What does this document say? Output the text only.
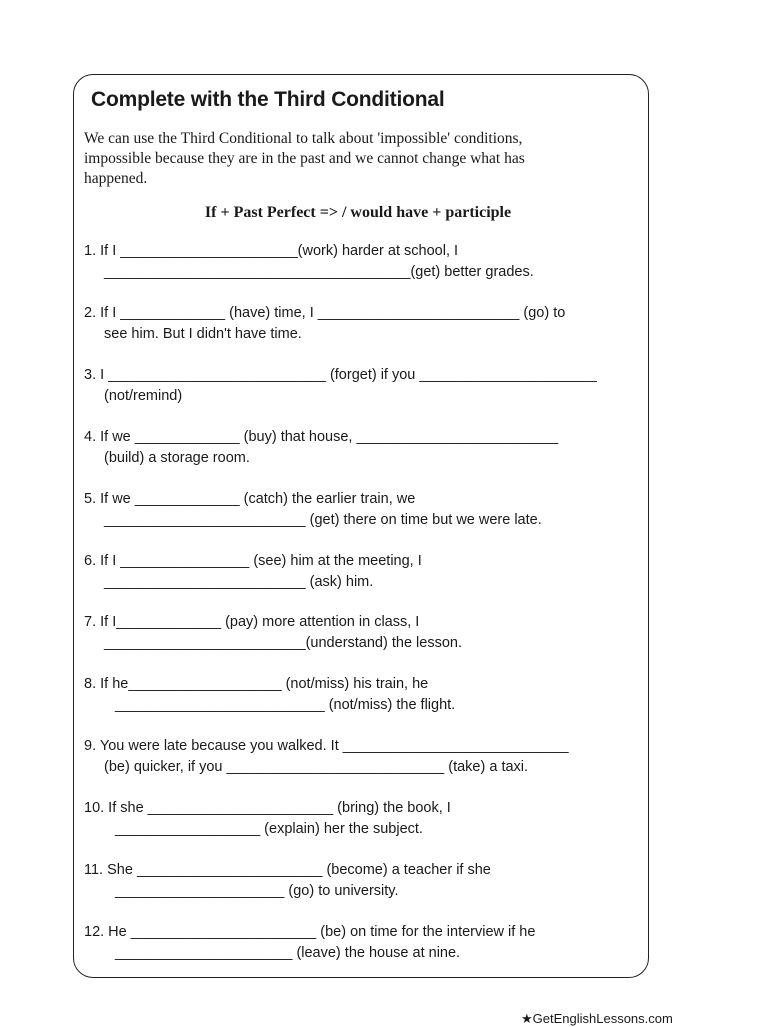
Complete with the Third Conditional
We can use the Third Conditional to talk about 'impossible' conditions,
impossible because they are in the past and we cannot change what has
happened.
If + Past Perfect => / would have + participle
1. If I ______________________(work) harder at school, I
______________________________________(get) better grades.
2. If I _____________ (have) time, I _________________________ (go) to
see him. But I didn't have time.
3. I ___________________________ (forget) if you ______________________
(not/remind)
4. If we _____________ (buy) that house, _________________________
(build) a storage room.
5. If we _____________ (catch) the earlier train, we
_________________________ (get) there on time but we were late.
6. If I ________________ (see) him at the meeting, I
_________________________ (ask) him.
7. If I_____________ (pay) more attention in class, I
_________________________(understand) the lesson.
8. If he___________________ (not/miss) his train, he
__________________________ (not/miss) the flight.
9. You were late because you walked. It ____________________________
(be) quicker, if you ___________________________ (take) a taxi.
10. If she _______________________ (bring) the book, I
__________________ (explain) her the subject.
11. She _______________________ (become) a teacher if she
_____________________ (go) to university.
12. He _______________________ (be) on time for the interview if he
______________________ (leave) the house at nine.
★GetEnglishLessons.com
